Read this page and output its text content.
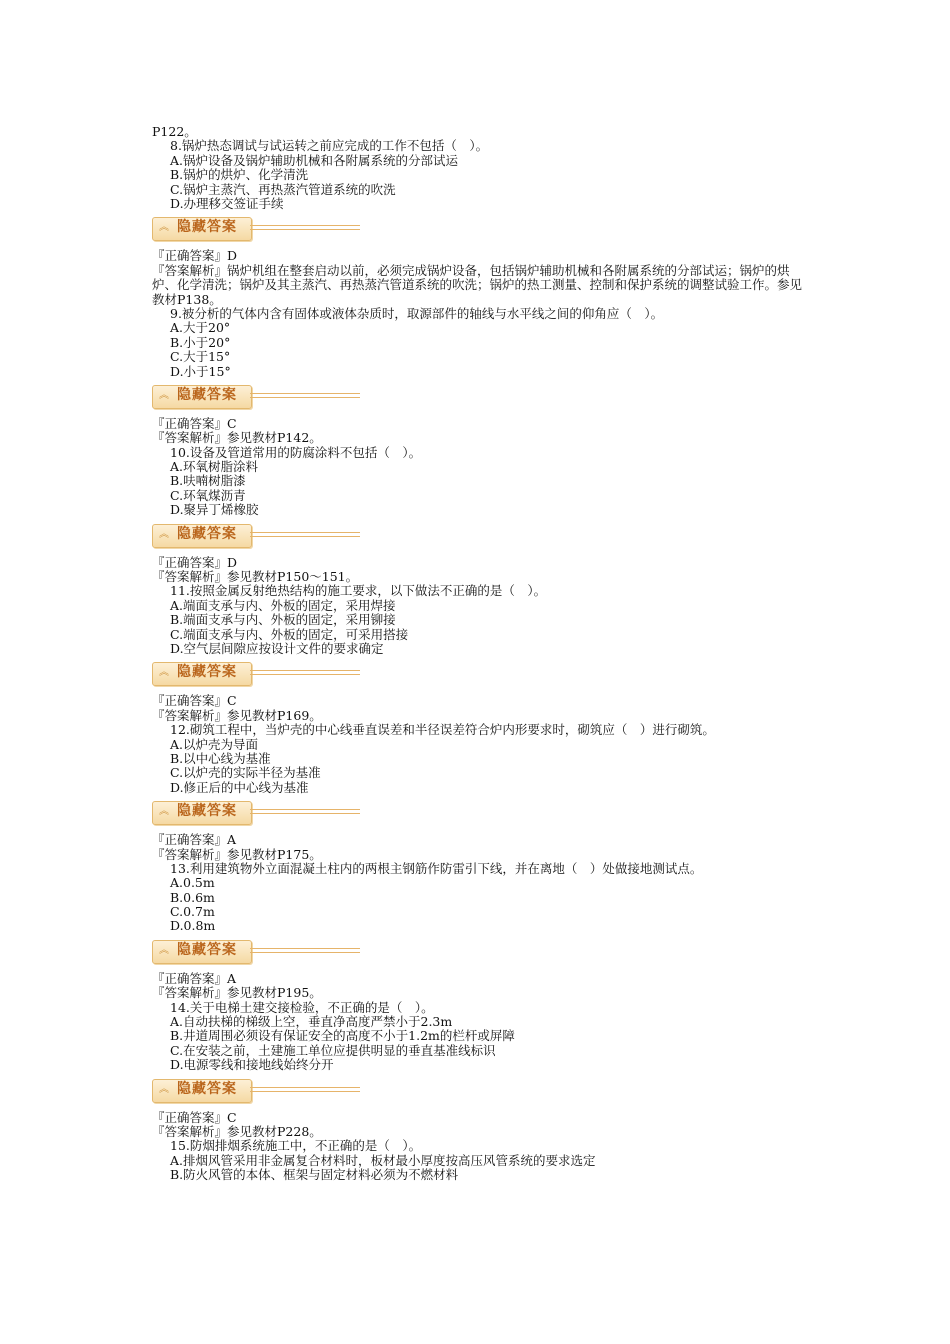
P122。
8.锅炉热态调试与试运转之前应完成的工作不包括（　）。
A.锅炉设备及锅炉辅助机械和各附属系统的分部试运
B.锅炉的烘炉、化学清洗
C.锅炉主蒸汽、再热蒸汽管道系统的吹洗
D.办理移交签证手续
︽ 隐藏答案
『正确答案』D
『答案解析』锅炉机组在整套启动以前，必须完成锅炉设备，包括锅炉辅助机械和各附属系统的分部试运；锅炉的烘炉、化学清洗；锅炉及其主蒸汽、再热蒸汽管道系统的吹洗；锅炉的热工测量、控制和保护系统的调整试验工作。参见教材P138。
9.被分析的气体内含有固体或液体杂质时，取源部件的轴线与水平线之间的仰角应（　）。
A.大于20°
B.小于20°
C.大于15°
D.小于15°
︽ 隐藏答案
『正确答案』C
『答案解析』参见教材P142。
10.设备及管道常用的防腐涂料不包括（　）。
A.环氧树脂涂料
B.呋喃树脂漆
C.环氧煤沥青
D.聚异丁烯橡胶
︽ 隐藏答案
『正确答案』D
『答案解析』参见教材P150～151。
11.按照金属反射绝热结构的施工要求，以下做法不正确的是（　）。
A.端面支承与内、外板的固定，采用焊接
B.端面支承与内、外板的固定，采用铆接
C.端面支承与内、外板的固定，可采用搭接
D.空气层间隙应按设计文件的要求确定
︽ 隐藏答案
『正确答案』C
『答案解析』参见教材P169。
12.砌筑工程中，当炉壳的中心线垂直误差和半径误差符合炉内形要求时，砌筑应（　）进行砌筑。
A.以炉壳为导面
B.以中心线为基准
C.以炉壳的实际半径为基准
D.修正后的中心线为基准
︽ 隐藏答案
『正确答案』A
『答案解析』参见教材P175。
13.利用建筑物外立面混凝土柱内的两根主钢筋作防雷引下线，并在离地（　）处做接地测试点。
A.0.5m
B.0.6m
C.0.7m
D.0.8m
︽ 隐藏答案
『正确答案』A
『答案解析』参见教材P195。
14.关于电梯土建交接检验，不正确的是（　）。
A.自动扶梯的梯级上空，垂直净高度严禁小于2.3m
B.井道周围必须设有保证安全的高度不小于1.2m的栏杆或屏障
C.在安装之前，土建施工单位应提供明显的垂直基准线标识
D.电源零线和接地线始终分开
︽ 隐藏答案
『正确答案』C
『答案解析』参见教材P228。
15.防烟排烟系统施工中，不正确的是（　）。
A.排烟风管采用非金属复合材料时，板材最小厚度按高压风管系统的要求选定
B.防火风管的本体、框架与固定材料必须为不燃材料
